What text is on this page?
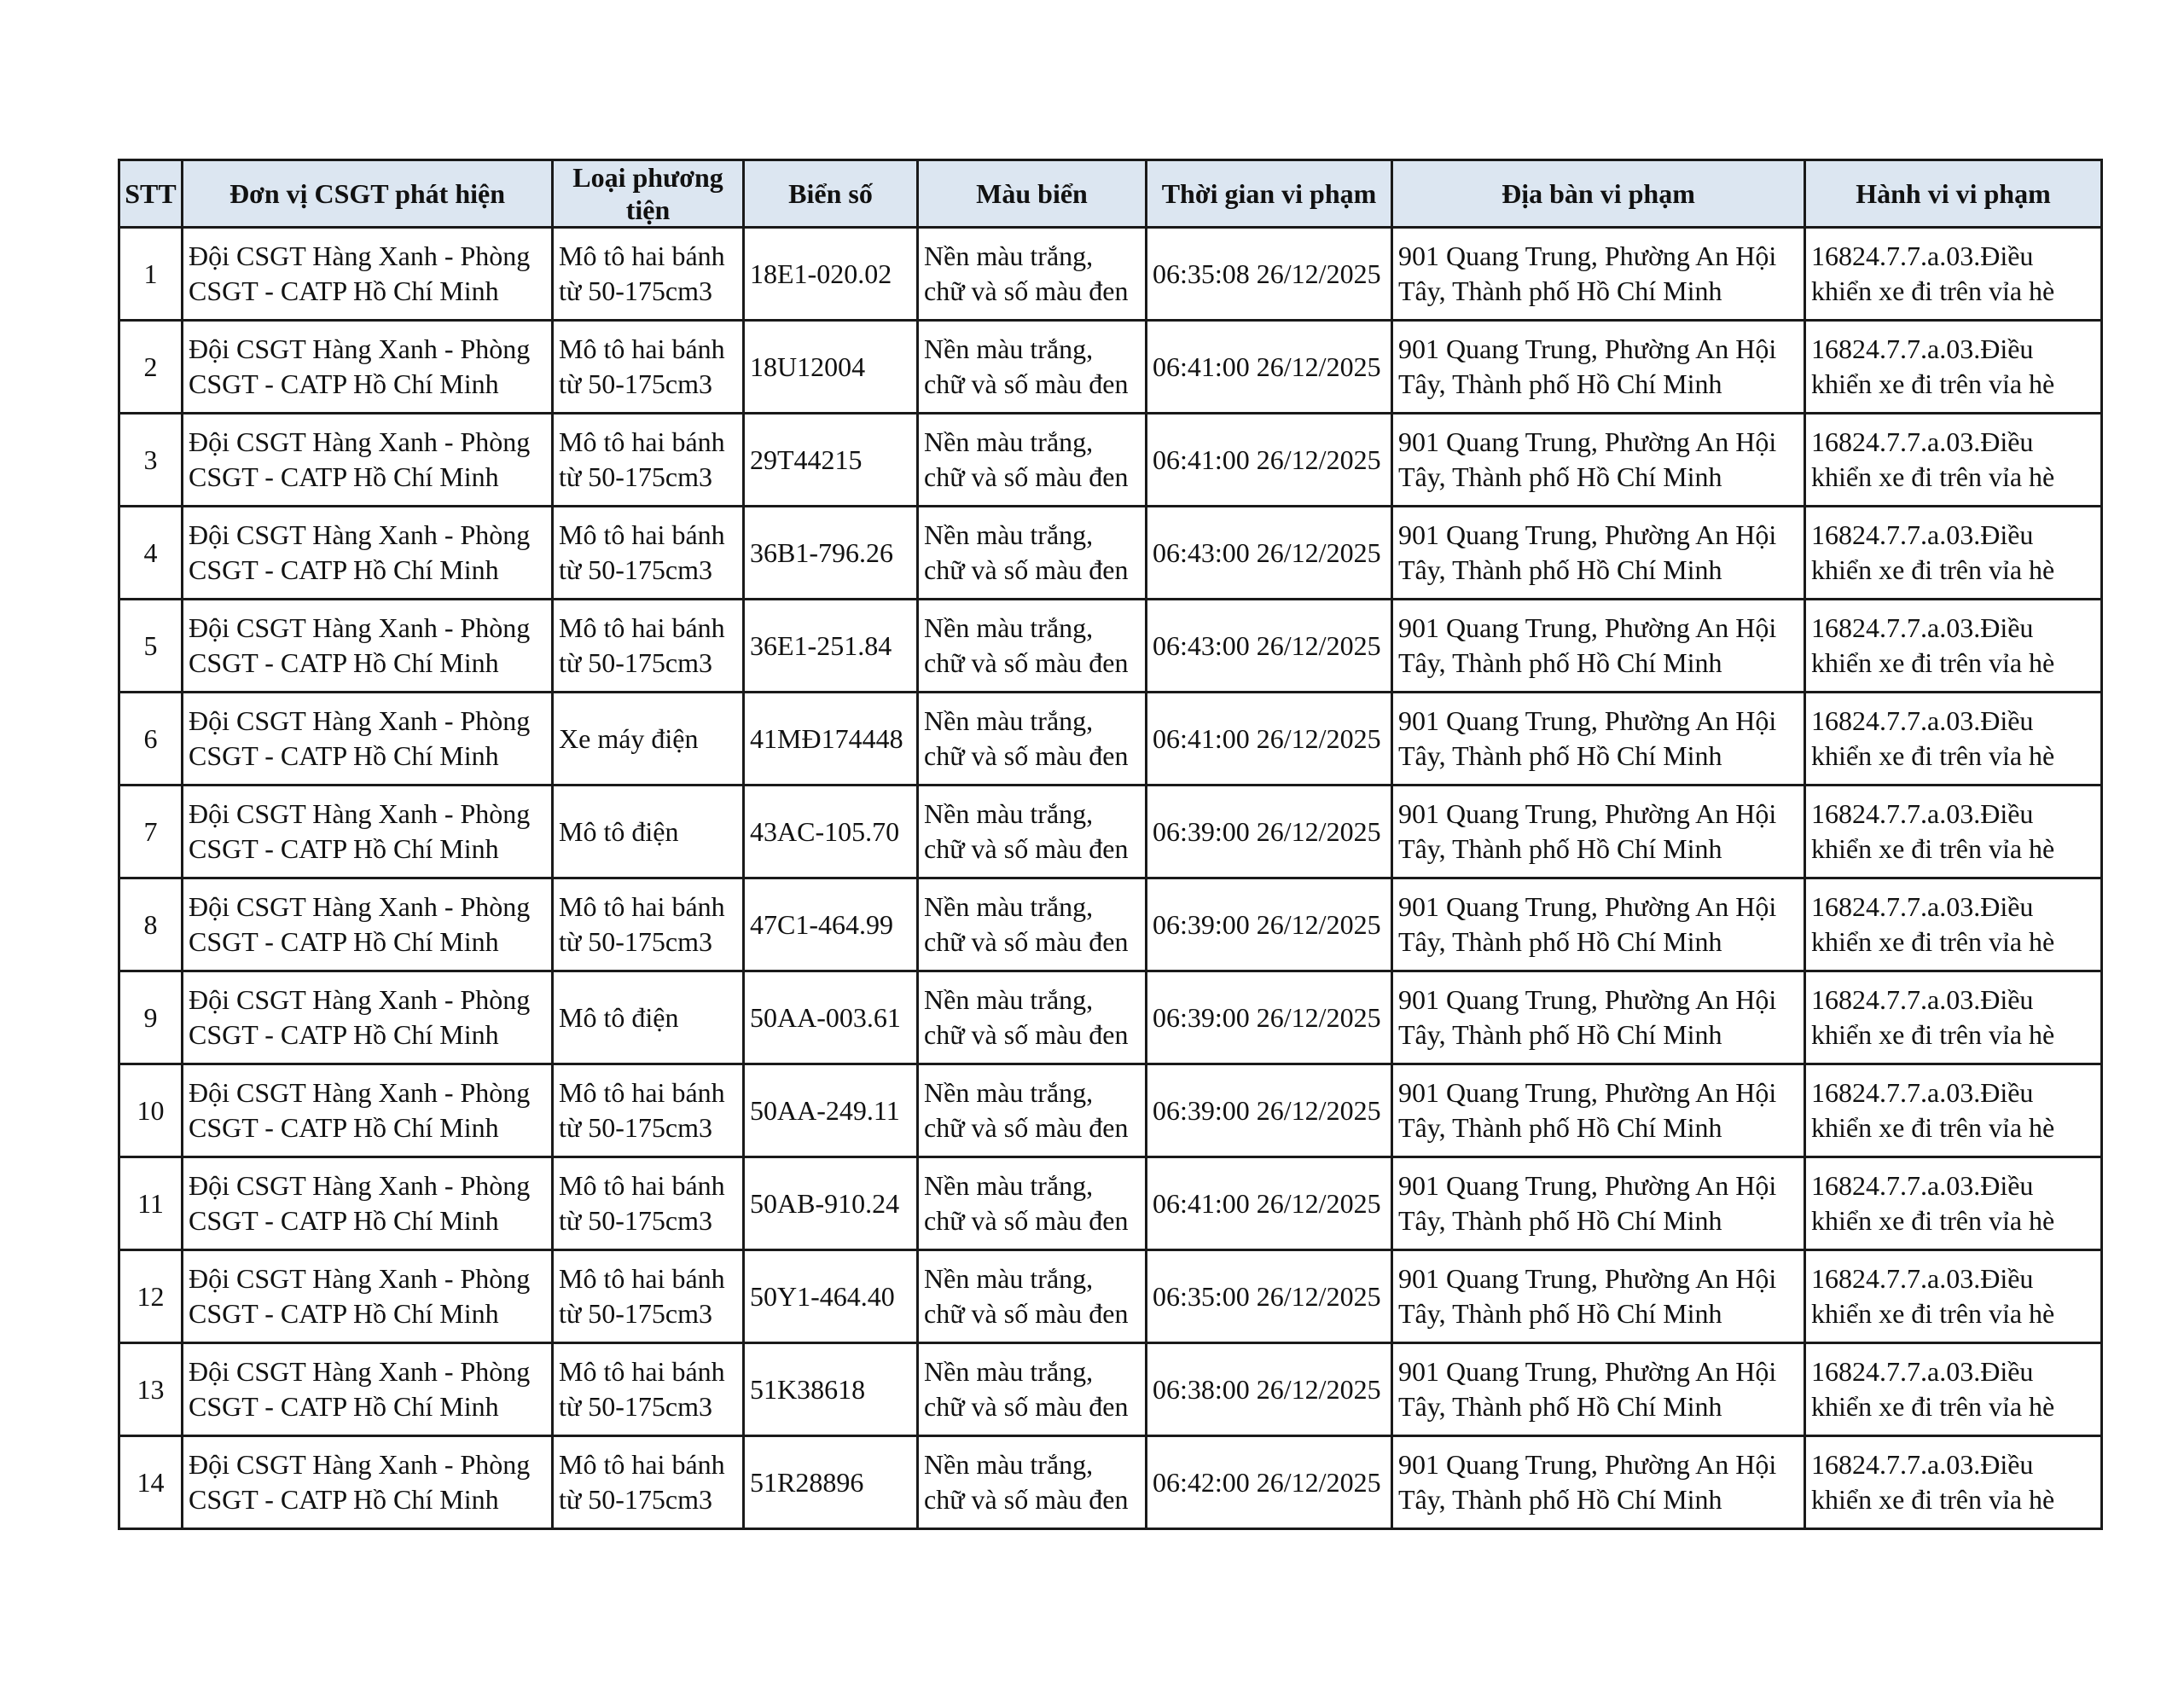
STT	Đơn vị CSGT phát hiện	Loại phương tiện	Biển số	Màu biển	Thời gian vi phạm	Địa bàn vi phạm	Hành vi vi phạm
1	Đội CSGT Hàng Xanh - Phòng CSGT - CATP Hồ Chí Minh	Mô tô hai bánh từ 50-175cm3	18E1-020.02	Nền màu trắng, chữ và số màu đen	06:35:08 26/12/2025	901 Quang Trung, Phường An Hội Tây, Thành phố Hồ Chí Minh	16824.7.7.a.03.Điều khiển xe đi trên vỉa hè
2	Đội CSGT Hàng Xanh - Phòng CSGT - CATP Hồ Chí Minh	Mô tô hai bánh từ 50-175cm3	18U12004	Nền màu trắng, chữ và số màu đen	06:41:00 26/12/2025	901 Quang Trung, Phường An Hội Tây, Thành phố Hồ Chí Minh	16824.7.7.a.03.Điều khiển xe đi trên vỉa hè
3	Đội CSGT Hàng Xanh - Phòng CSGT - CATP Hồ Chí Minh	Mô tô hai bánh từ 50-175cm3	29T44215	Nền màu trắng, chữ và số màu đen	06:41:00 26/12/2025	901 Quang Trung, Phường An Hội Tây, Thành phố Hồ Chí Minh	16824.7.7.a.03.Điều khiển xe đi trên vỉa hè
4	Đội CSGT Hàng Xanh - Phòng CSGT - CATP Hồ Chí Minh	Mô tô hai bánh từ 50-175cm3	36B1-796.26	Nền màu trắng, chữ và số màu đen	06:43:00 26/12/2025	901 Quang Trung, Phường An Hội Tây, Thành phố Hồ Chí Minh	16824.7.7.a.03.Điều khiển xe đi trên vỉa hè
5	Đội CSGT Hàng Xanh - Phòng CSGT - CATP Hồ Chí Minh	Mô tô hai bánh từ 50-175cm3	36E1-251.84	Nền màu trắng, chữ và số màu đen	06:43:00 26/12/2025	901 Quang Trung, Phường An Hội Tây, Thành phố Hồ Chí Minh	16824.7.7.a.03.Điều khiển xe đi trên vỉa hè
6	Đội CSGT Hàng Xanh - Phòng CSGT - CATP Hồ Chí Minh	Xe máy điện	41MĐ174448	Nền màu trắng, chữ và số màu đen	06:41:00 26/12/2025	901 Quang Trung, Phường An Hội Tây, Thành phố Hồ Chí Minh	16824.7.7.a.03.Điều khiển xe đi trên vỉa hè
7	Đội CSGT Hàng Xanh - Phòng CSGT - CATP Hồ Chí Minh	Mô tô điện	43AC-105.70	Nền màu trắng, chữ và số màu đen	06:39:00 26/12/2025	901 Quang Trung, Phường An Hội Tây, Thành phố Hồ Chí Minh	16824.7.7.a.03.Điều khiển xe đi trên vỉa hè
8	Đội CSGT Hàng Xanh - Phòng CSGT - CATP Hồ Chí Minh	Mô tô hai bánh từ 50-175cm3	47C1-464.99	Nền màu trắng, chữ và số màu đen	06:39:00 26/12/2025	901 Quang Trung, Phường An Hội Tây, Thành phố Hồ Chí Minh	16824.7.7.a.03.Điều khiển xe đi trên vỉa hè
9	Đội CSGT Hàng Xanh - Phòng CSGT - CATP Hồ Chí Minh	Mô tô điện	50AA-003.61	Nền màu trắng, chữ và số màu đen	06:39:00 26/12/2025	901 Quang Trung, Phường An Hội Tây, Thành phố Hồ Chí Minh	16824.7.7.a.03.Điều khiển xe đi trên vỉa hè
10	Đội CSGT Hàng Xanh - Phòng CSGT - CATP Hồ Chí Minh	Mô tô hai bánh từ 50-175cm3	50AA-249.11	Nền màu trắng, chữ và số màu đen	06:39:00 26/12/2025	901 Quang Trung, Phường An Hội Tây, Thành phố Hồ Chí Minh	16824.7.7.a.03.Điều khiển xe đi trên vỉa hè
11	Đội CSGT Hàng Xanh - Phòng CSGT - CATP Hồ Chí Minh	Mô tô hai bánh từ 50-175cm3	50AB-910.24	Nền màu trắng, chữ và số màu đen	06:41:00 26/12/2025	901 Quang Trung, Phường An Hội Tây, Thành phố Hồ Chí Minh	16824.7.7.a.03.Điều khiển xe đi trên vỉa hè
12	Đội CSGT Hàng Xanh - Phòng CSGT - CATP Hồ Chí Minh	Mô tô hai bánh từ 50-175cm3	50Y1-464.40	Nền màu trắng, chữ và số màu đen	06:35:00 26/12/2025	901 Quang Trung, Phường An Hội Tây, Thành phố Hồ Chí Minh	16824.7.7.a.03.Điều khiển xe đi trên vỉa hè
13	Đội CSGT Hàng Xanh - Phòng CSGT - CATP Hồ Chí Minh	Mô tô hai bánh từ 50-175cm3	51K38618	Nền màu trắng, chữ và số màu đen	06:38:00 26/12/2025	901 Quang Trung, Phường An Hội Tây, Thành phố Hồ Chí Minh	16824.7.7.a.03.Điều khiển xe đi trên vỉa hè
14	Đội CSGT Hàng Xanh - Phòng CSGT - CATP Hồ Chí Minh	Mô tô hai bánh từ 50-175cm3	51R28896	Nền màu trắng, chữ và số màu đen	06:42:00 26/12/2025	901 Quang Trung, Phường An Hội Tây, Thành phố Hồ Chí Minh	16824.7.7.a.03.Điều khiển xe đi trên vỉa hè
